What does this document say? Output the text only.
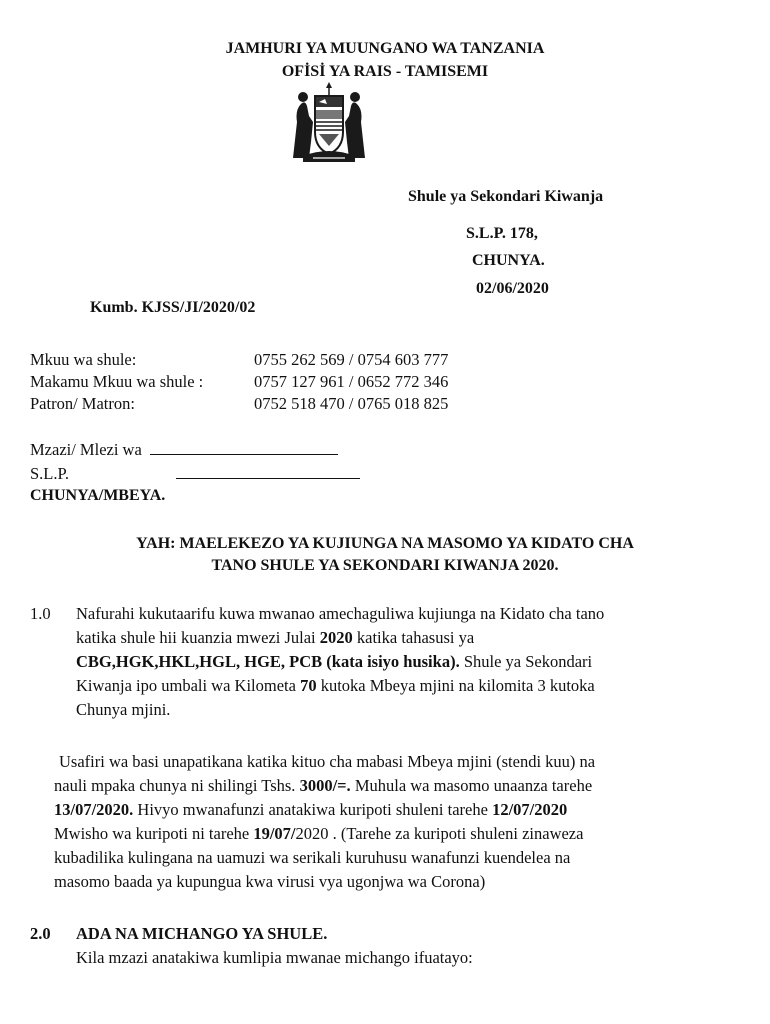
JAMHURI YA MUUNGANO WA TANZANIA
OFİSİ YA RAIS - TAMISEMI
Shule ya Sekondari Kiwanja
S.L.P. 178,
CHUNYA.
02/06/2020
Kumb. KJSS/JI/2020/02
Mkuu wa shule:	0755 262 569 / 0754 603 777
Makamu Mkuu wa shule :	0757 127 961 / 0652 772 346
Patron/ Matron:	0752 518 470 / 0765 018 825
Mzazi/ Mlezi wa
S.L.P.
CHUNYA/MBEYA.
YAH: MAELEKEZO YA KUJIUNGA NA MASOMO YA KIDATO CHA
TANO SHULE YA SEKONDARI KIWANJA 2020.
1.0 Nafurahi kukutaarifu kuwa mwanao amechaguliwa kujiunga na Kidato cha tano
katika shule hii kuanzia mwezi Julai 2020 katika tahasusi ya
CBG,HGK,HKL,HGL, HGE, PCB (kata isiyo husika). Shule ya Sekondari
Kiwanja ipo umbali wa Kilometa 70 kutoka Mbeya mjini na kilomita 3 kutoka
Chunya mjini.
Usafiri wa basi unapatikana katika kituo cha mabasi Mbeya mjini (stendi kuu) na
nauli mpaka chunya ni shilingi Tshs. 3000/=. Muhula wa masomo unaanza tarehe
13/07/2020. Hivyo mwanafunzi anatakiwa kuripoti shuleni tarehe 12/07/2020
Mwisho wa kuripoti ni tarehe 19/07/2020 . (Tarehe za kuripoti shuleni zinaweza
kubadilika kulingana na uamuzi wa serikali kuruhusu wanafunzi kuendelea na
masomo baada ya kupungua kwa virusi vya ugonjwa wa Corona)
2.0 ADA NA MICHANGO YA SHULE.
Kila mzazi anatakiwa kumlipia mwanae michango ifuatayo:
